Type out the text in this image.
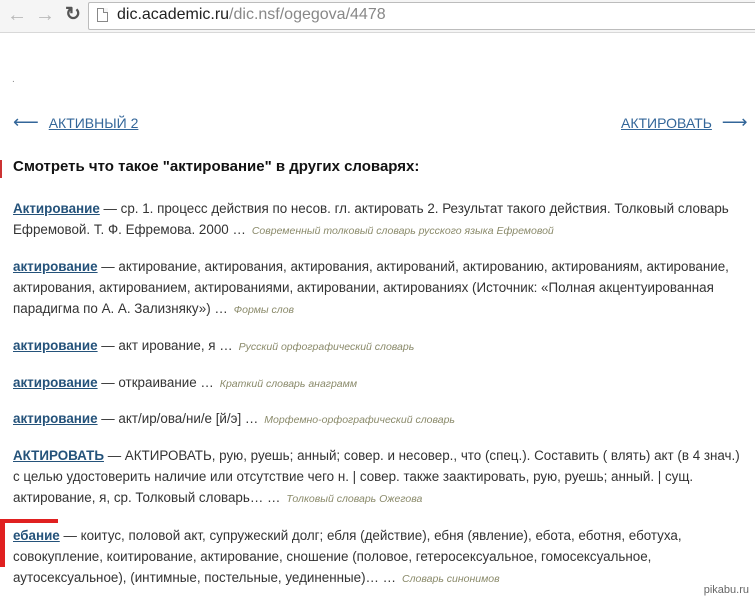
← → ↻ dic.academic.ru/dic.nsf/ogegova/4478
.
⟵ АКТИВНЫЙ 2	АКТИРОВАТЬ ⟶
Смотреть что такое "актирование" в других словарях:
Актирование — ср. 1. процесс действия по несов. гл. актировать 2. Результат такого действия. Толковый словарь Ефремовой. Т. Ф. Ефремова. 2000 … Современный толковый словарь русского языка Ефремовой
актирование — актирование, актирования, актирования, актирований, актированию, актированиям, актирование, актирования, актированием, актированиями, актировании, актированиях (Источник: «Полная акцентуированная парадигма по А. А. Зализняку») … Формы слов
актирование — акт ирование, я … Русский орфографический словарь
актирование — откраивание … Краткий словарь анаграмм
актирование — акт/ир/ова/ни/е [й/э] … Морфемно-орфографический словарь
АКТИРОВАТЬ — АКТИРОВАТЬ, рую, руешь; анный; совер. и несовер., что (спец.). Составить ( влять) акт (в 4 знач.) с целью удостоверить наличие или отсутствие чего н. | совер. также заактировать, рую, руешь; анный. | сущ. актирование, я, ср. Толковый словарь… … Толковый словарь Ожегова
ебание — коитус, половой акт, супружеский долг; ебля (действие), ебня (явление), ебота, еботня, еботуха, совокупление, коитирование, актирование, сношение (половое, гетеросексуальное, гомосексуальное, аутосексуальное), (интимные, постельные, уединенные)… … Словарь синонимов
pikabu.ru
